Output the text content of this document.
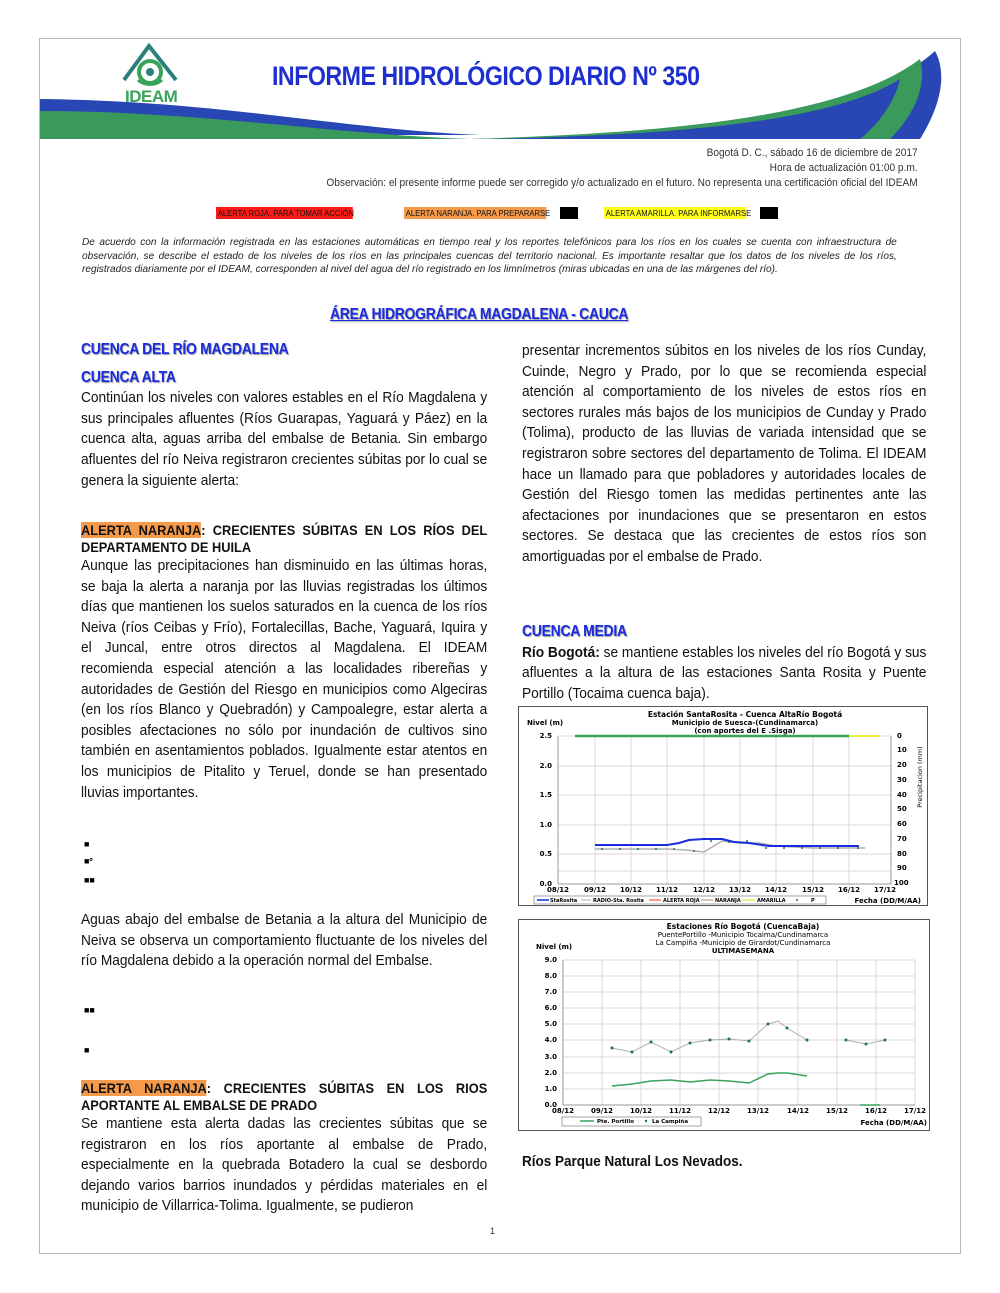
IDEAM
INFORME HIDROLÓGICO DIARIO Nº 350
Bogotá D. C., sábado 16 de diciembre de 2017
Hora de actualización 01:00 p.m.
Observación: el presente informe puede ser corregido y/o actualizado en el futuro. No representa una certificación oficial del IDEAM
ALERTA ROJA. PARA TOMAR ACCIÓN	ALERTA NARANJA. PARA PREPARARSE	ALERTA AMARILLA. PARA INFORMARSE
De acuerdo con la información registrada en las estaciones automáticas en tiempo real y los reportes telefónicos para los ríos en los cuales se cuenta con infraestructura de observación, se describe el estado de los niveles de los ríos en las principales cuencas del territorio nacional. Es importante resaltar que los datos de los niveles de los ríos, registrados diariamente por el IDEAM, corresponden al nivel del agua del río registrado en los limnímetros (miras ubicadas en una de las márgenes del río).
ÁREA HIDROGRÁFICA MAGDALENA - CAUCA
CUENCA DEL RÍO MAGDALENA
CUENCA ALTA
Continúan los niveles con valores estables en el Río Magdalena y sus principales afluentes (Ríos Guarapas, Yaguará y Páez) en la cuenca alta, aguas arriba del embalse de Betania. Sin embargo afluentes del río Neiva registraron crecientes súbitas por lo cual se genera la siguiente alerta:
ALERTA NARANJA: CRECIENTES SÚBITAS EN LOS RÍOS DEL DEPARTAMENTO DE HUILA
Aunque las precipitaciones han disminuido en las últimas horas, se baja la alerta a naranja por las lluvias registradas los últimos días que mantienen los suelos saturados en la cuenca de los ríos Neiva (ríos Ceibas y Frío), Fortalecillas, Bache, Yaguará, Iquira y el Juncal, entre otros directos al Magdalena. El IDEAM recomienda especial atención a las localidades ribereñas y autoridades de Gestión del Riesgo en municipios como Algeciras (en los ríos Blanco y Quebradón) y Campoalegre, estar alerta a posibles afectaciones no sólo por inundación de cultivos sino también en asentamientos poblados. Igualmente estar atentos en los municipios de Pitalito y Teruel, donde se han presentado lluvias importantes.
■
■º
■■
Aguas abajo del embalse de Betania a la altura del Municipio de Neiva se observa un comportamiento fluctuante de los niveles del río Magdalena debido a la operación normal del Embalse.
■■
■
ALERTA NARANJA: CRECIENTES SÚBITAS EN LOS RIOS APORTANTE AL EMBALSE DE PRADO
Se mantiene esta alerta dadas las crecientes súbitas que se registraron en los ríos aportante al embalse de Prado, especialmente en la quebrada Botadero la cual se desbordo dejando varios barrios inundados y pérdidas materiales en el municipio de Villarrica-Tolima. Igualmente, se pudieron
presentar incrementos súbitos en los niveles de los ríos Cunday, Cuinde, Negro y Prado, por lo que se recomienda especial atención al comportamiento de los niveles de estos ríos en sectores rurales más bajos de los municipios de Cunday y Prado (Tolima), producto de las lluvias de variada intensidad que se registraron sobre sectores del departamento de Tolima. El IDEAM hace un llamado para que pobladores y autoridades locales de Gestión del Riesgo tomen las medidas pertinentes ante las afectaciones por inundaciones que se presentaron en estos sectores. Se destaca que las crecientes de estos ríos son amortiguadas por el embalse de Prado.
CUENCA MEDIA
Río Bogotá: se mantiene estables los niveles del río Bogotá y sus afluentes a la altura de las estaciones Santa Rosita y Puente Portillo (Tocaima cuenca baja).
Estación SantaRosita - Cuenca AltaRío Bogotá
Municipio de Suesca-(Cundinamarca)
(con aportes del E .Sisga)
Nivel (m)
2.5
2.0
1.5
1.0
0.5
0.0
0
10
20
30
40
50
60
70
80
90
100
Precipitacion (mm)
08/12 09/12 10/12 11/12 12/12 13/12 14/12 15/12 16/12 17/12
StaRosita	RADIO-Sta. Rosita	ALERTA ROJA	NARANJA	AMARILLA	P	Fecha (DD/M/AA)
Estaciones Río Bogotá (CuencaBaja)
PuentePortillo -Municipio Tocaima/Cundinamarca
La Campiña -Municipio de Girardot/Cundinamarca
ULTIMASEMANA
Nivel (m)
9.0
8.0
7.0
6.0
5.0
4.0
3.0
2.0
1.0
0.0
08/12 09/12 10/12 11/12 12/12 13/12	14/12 15/12 16/12 17/12
Pte. Portillo	La Campiña	Fecha (DD/M/AA)
Ríos Parque Natural Los Nevados.
1
